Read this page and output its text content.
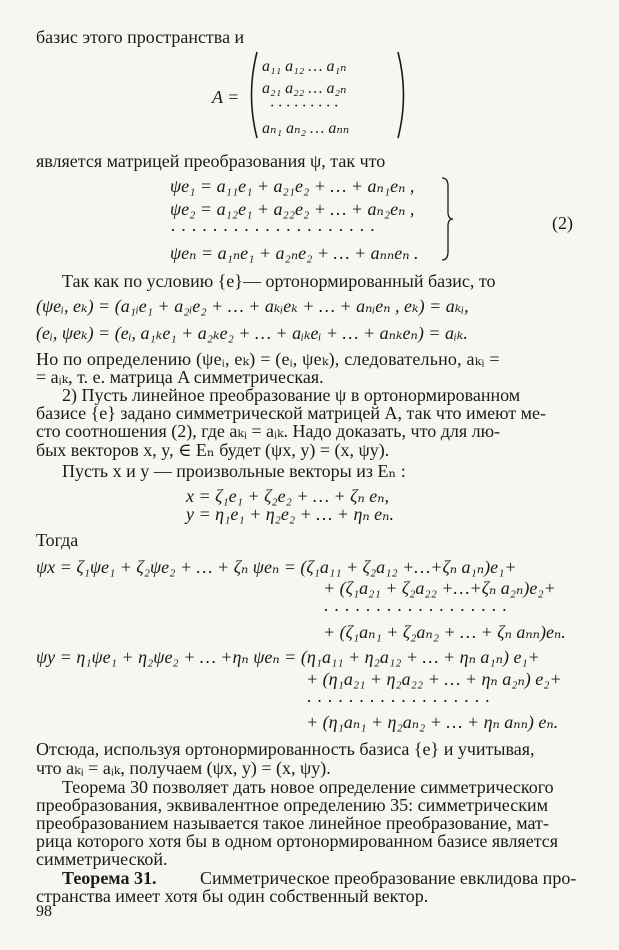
базис этого пространства и
A =
a₁₁ a₁₂ … a₁ₙ
a₂₁ a₂₂ … a₂ₙ
· · · · · · · · ·
aₙ₁ aₙ₂ … aₙₙ
является матрицей преобразования ψ, так что
ψe₁ = a₁₁e₁ + a₂₁e₂ + … + aₙ₁eₙ ,
ψe₂ = a₁₂e₁ + a₂₂e₂ + … + aₙ₂eₙ ,
· · · · · · · · · · · · · · · · · · · ·
ψeₙ = a₁ₙe₁ + a₂ₙe₂ + … + aₙₙeₙ .
(2)
Так как по условию {e}— ортонормированный базис, то
(ψeᵢ, eₖ) = (a₁ᵢe₁ + a₂ᵢe₂ + … + aₖᵢeₖ + … + aₙᵢeₙ , eₖ) = aₖᵢ,
(eᵢ, ψeₖ) = (eᵢ, a₁ₖe₁ + a₂ₖe₂ + … + aᵢₖeᵢ + … + aₙₖeₙ) = aᵢₖ.
Но по определению (ψeᵢ, eₖ) = (eᵢ, ψeₖ), следовательно, aₖᵢ =
= aᵢₖ, т. е. матрица A симметрическая.
2) Пусть линейное преобразование ψ в ортонормированном
базисе {e} задано симметрической матрицей A, так что имеют ме-
сто соотношения (2), где aₖᵢ = aᵢₖ. Надо доказать, что для лю-
бых векторов x, y, ∈ Eₙ будет (ψx, y) = (x, ψy).
Пусть x и y — произвольные векторы из Eₙ :
x = ζ₁e₁ + ζ₂e₂ + … + ζₙ eₙ,
y = η₁e₁ + η₂e₂ + … + ηₙ eₙ.
Тогда
ψx = ζ₁ψe₁ + ζ₂ψe₂ + … + ζₙ ψeₙ = (ζ₁a₁₁ + ζ₂a₁₂ +…+ζₙ a₁ₙ)e₁+
+ (ζ₁a₂₁ + ζ₂a₂₂ +…+ζₙ a₂ₙ)e₂+
· · · · · · · · · · · · · · · · · ·
+ (ζ₁aₙ₁ + ζ₂aₙ₂ + … + ζₙ aₙₙ)eₙ.
ψy = η₁ψe₁ + η₂ψe₂ + … +ηₙ ψeₙ = (η₁a₁₁ + η₂a₁₂ + … + ηₙ a₁ₙ) e₁+
+ (η₁a₂₁ + η₂a₂₂ + … + ηₙ a₂ₙ) e₂+
· · · · · · · · · · · · · · · · · ·
+ (η₁aₙ₁ + η₂aₙ₂ + … + ηₙ aₙₙ) eₙ.
Отсюда, используя ортонормированность базиса {e} и учитывая,
что aₖᵢ = aᵢₖ, получаем (ψx, y) = (x, ψy).
Теорема 30 позволяет дать новое определение симметрического
преобразования, эквивалентное определению 35: симметрическим
преобразованием называется такое линейное преобразование, мат-
рица которого хотя бы в одном ортонормированном базисе является
симметрической.
Теорема 31. Симметрическое преобразование евклидова про-
странства имеет хотя бы один собственный вектор.
98
